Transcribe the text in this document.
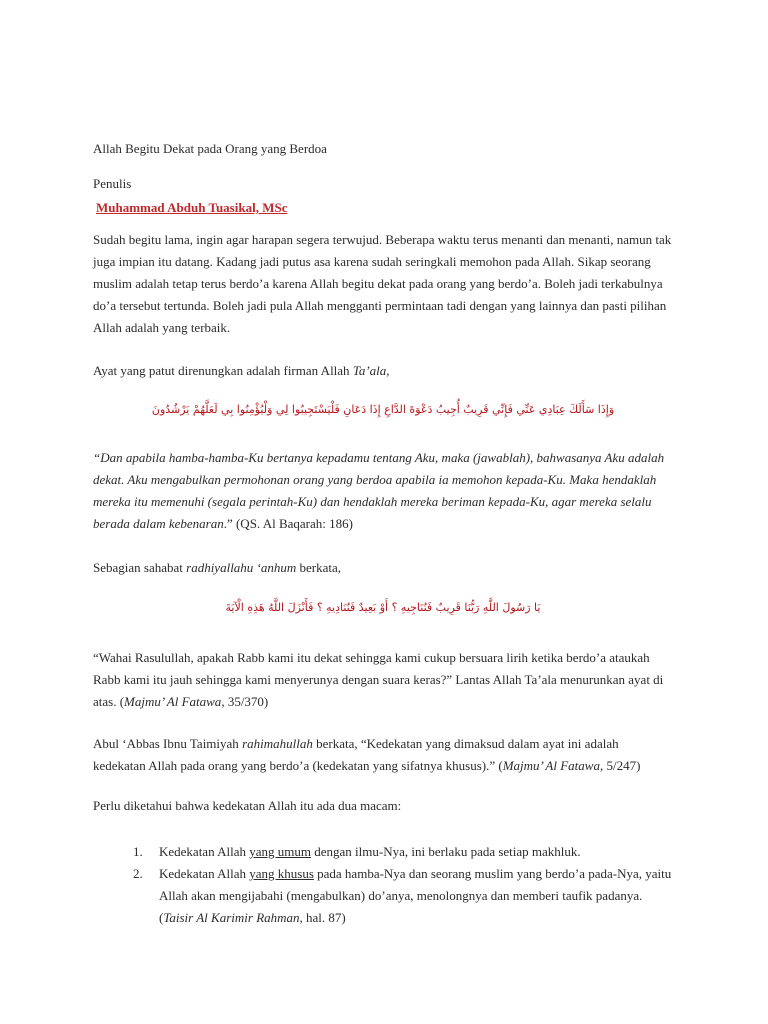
Allah Begitu Dekat pada Orang yang Berdoa

Penulis

Muhammad Abduh Tuasikal, MSc

Sudah begitu lama, ingin agar harapan segera terwujud. Beberapa waktu terus menanti dan menanti, namun tak juga impian itu datang. Kadang jadi putus asa karena sudah seringkali memohon pada Allah. Sikap seorang muslim adalah tetap terus berdo’a karena Allah begitu dekat pada orang yang berdo’a. Boleh jadi terkabulnya do’a tersebut tertunda. Boleh jadi pula Allah mengganti permintaan tadi dengan yang lainnya dan pasti pilihan Allah adalah yang terbaik.

Ayat yang patut direnungkan adalah firman Allah Ta’ala,

وَإِذَا سَأَلَكَ عِبَادِي عَنِّي فَإِنِّي قَرِيبٌ أُجِيبُ دَعْوَةَ الدَّاعِ إِذَا دَعَانِ فَلْيَسْتَجِيبُوا لِي وَلْيُؤْمِنُوا بِي لَعَلَّهُمْ يَرْشُدُونَ

“Dan apabila hamba-hamba-Ku bertanya kepadamu tentang Aku, maka (jawablah), bahwasanya Aku adalah dekat. Aku mengabulkan permohonan orang yang berdoa apabila ia memohon kepada-Ku. Maka hendaklah mereka itu memenuhi (segala perintah-Ku) dan hendaklah mereka beriman kepada-Ku, agar mereka selalu berada dalam kebenaran.” (QS. Al Baqarah: 186)

Sebagian sahabat radhiyallahu ‘anhum berkata,

يَا رَسُولَ اللَّهِ رَبُّنَا قَرِيبٌ فَنُنَاجِيهِ ؟ أَوْ بَعِيدٌ فَنُنَادِيهِ ؟ فَأَنْزَلَ اللَّهُ هَذِهِ الْآيَةَ

“Wahai Rasulullah, apakah Rabb kami itu dekat sehingga kami cukup bersuara lirih ketika berdo’a ataukah Rabb kami itu jauh sehingga kami menyerunya dengan suara keras?” Lantas Allah Ta’ala menurunkan ayat di atas. (Majmu’ Al Fatawa, 35/370)

Abul ‘Abbas Ibnu Taimiyah rahimahullah berkata, “Kedekatan yang dimaksud dalam ayat ini adalah kedekatan Allah pada orang yang berdo’a (kedekatan yang sifatnya khusus).” (Majmu’ Al Fatawa, 5/247)

Perlu diketahui bahwa kedekatan Allah itu ada dua macam:

1. Kedekatan Allah yang umum dengan ilmu-Nya, ini berlaku pada setiap makhluk.
2. Kedekatan Allah yang khusus pada hamba-Nya dan seorang muslim yang berdo’a pada-Nya, yaitu Allah akan mengijabahi (mengabulkan) do’anya, menolongnya dan memberi taufik padanya. (Taisir Al Karimir Rahman, hal. 87)
